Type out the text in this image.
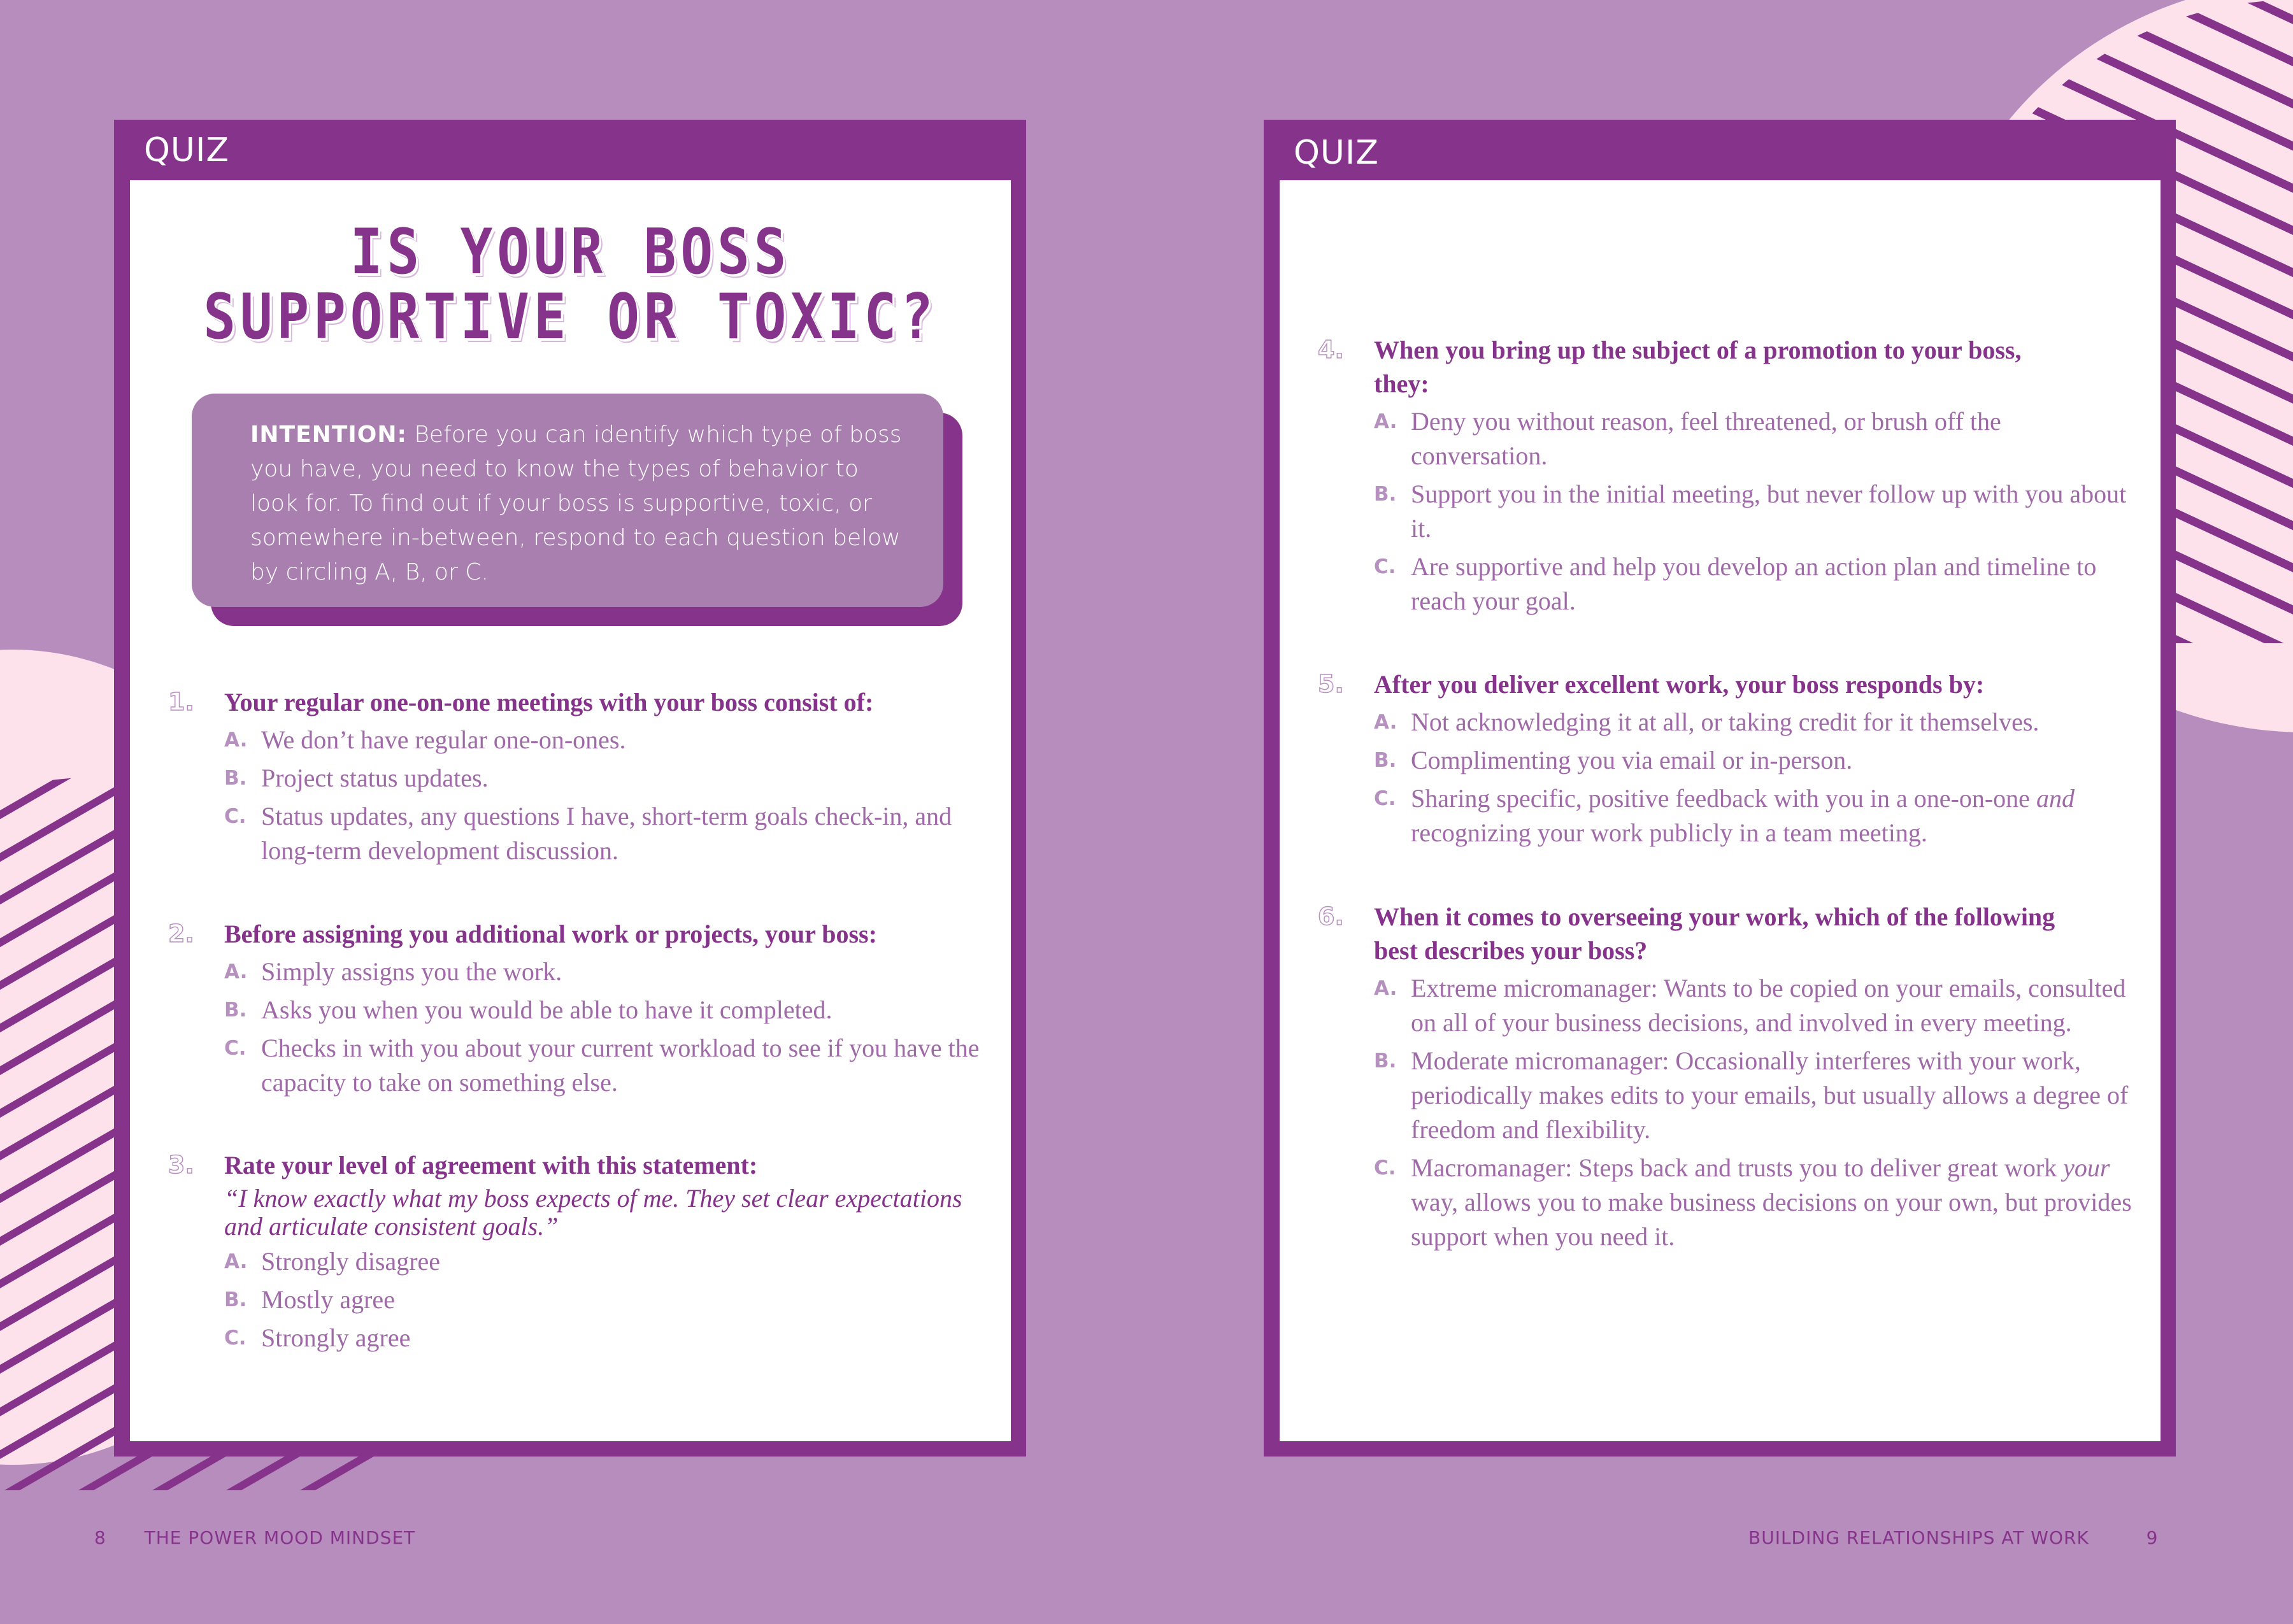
QUIZ
IS YOUR BOSS
SUPPORTIVE OR TOXIC?
INTENTION: Before you can identify which type of boss you have, you need to know the types of behavior to look for. To find out if your boss is supportive, toxic, or somewhere in-between, respond to each question below by circling A, B, or C.
1.	Your regular one-on-one meetings with your boss consist of:
A. We don’t have regular one-on-ones.
B. Project status updates.
C. Status updates, any questions I have, short-term goals check-in, and long-term development discussion.
2.	Before assigning you additional work or projects, your boss:
A. Simply assigns you the work.
B. Asks you when you would be able to have it completed.
C. Checks in with you about your current workload to see if you have the capacity to take on something else.
3.	Rate your level of agreement with this statement:
“I know exactly what my boss expects of me. They set clear expectations and articulate consistent goals.”
A. Strongly disagree
B. Mostly agree
C. Strongly agree
QUIZ
4.	When you bring up the subject of a promotion to your boss, they:
A. Deny you without reason, feel threatened, or brush off the conversation.
B. Support you in the initial meeting, but never follow up with you about it.
C. Are supportive and help you develop an action plan and timeline to reach your goal.
5.	After you deliver excellent work, your boss responds by:
A. Not acknowledging it at all, or taking credit for it themselves.
B. Complimenting you via email or in-person.
C. Sharing specific, positive feedback with you in a one-on-one and recognizing your work publicly in a team meeting.
6.	When it comes to overseeing your work, which of the following best describes your boss?
A. Extreme micromanager: Wants to be copied on your emails, consulted on all of your business decisions, and involved in every meeting.
B. Moderate micromanager: Occasionally interferes with your work, periodically makes edits to your emails, but usually allows a degree of freedom and flexibility.
C. Macromanager: Steps back and trusts you to deliver great work your way, allows you to make business decisions on your own, but provides support when you need it.
8 THE POWER MOOD MINDSET	BUILDING RELATIONSHIPS AT WORK	9
